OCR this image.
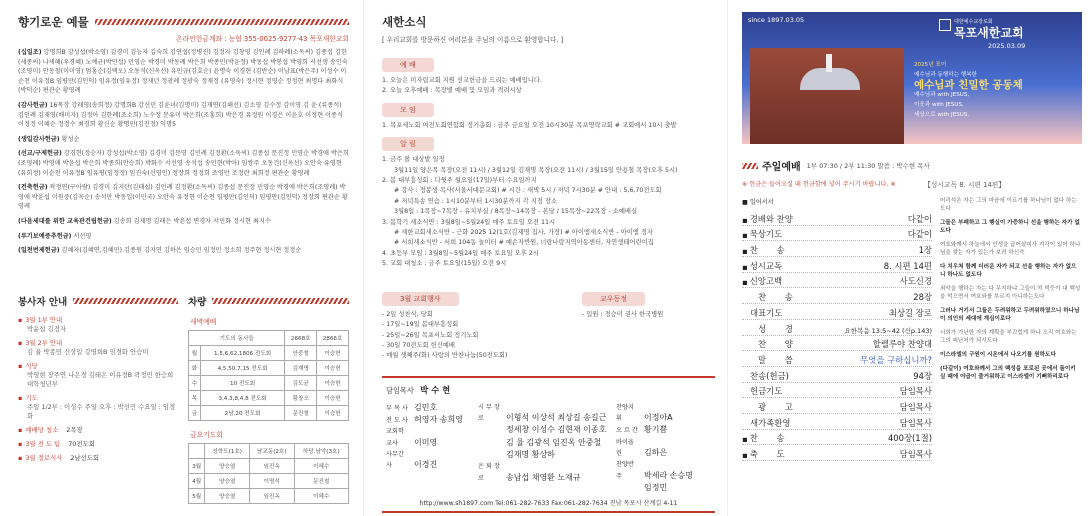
향기로운 예물
온라인헌금계좌 : 농협 355-0025-9277-43 목포새한교회
(십일조) 강명희B 강성섭(박소영) 김경미 김능자 김숙희 김연섭(정병진) 김정자 김창영 김인례 김하례(소독씨) 김종섭 김한(세종씨) 나세혜(우경혜) 노예균(박민섭) 민영순 박경미 박동례 박은희 박종민(박윤정) 박동섭 박봉섭 박영희 서선생 송인숙(조영미) 안동철(이미영) 엄홍순(김택오) 오동석(신옥선) 유민규(김효순) 윤명숙 이경현 (김반순) 이남표(박은주) 이성수 이순천 이유정B 임평만(김인덕) 임유정(임유정) 정재년 정광례 정광숙 정재정 (유영숙) 정시현 정영순 정정현 최명다 최화식(박덕순) 편관순 황영례
(감사헌금) 16목장 강래영(송희정) 강명희B 강신민 김윤녀(김명미) 김재연(김해선) 김소영 김수정 김이영 김 윤 (류종석) 김인례 김재영(배미자) 김정아 김한례(조소희) 노수정 문유미 박은희(조홍희) 박은경 유정원 이경은 이윤호 이정현 이종석 이정정 이혜순 정정수 최경희 황신순 황명민(김진정) 익명5
(생일감사헌금) 황성순
(선교/구제헌금) 강경현(정승자) 강성섭(박소영) 김경미 김문영 김민례 김정환(소독씨) 김종섭 문진정 민영순 박경애 박은희(조영례) 박영애 박윤섭 박은희 박종희(안승희) 박화수 서선영 송석섭 송민현(박아) 임쌍주 오동건(신옥선) 오안숙 유영현(유희정) 이순천 이유정B 임유평(임정정) 임진숙(신영민) 정장희 정정희 조영만 조정란 최희정 편관순 황영례
(건축헌금) 곽정연(구아람) 김경미 김지탄(김태섭) 김민례 김정환(소독씨) 김종섭 문진정 민영순 박경애 박은희(조영례) 박영애 박윤섭 이원중(김옥순) 송석만 박동일(이민국) 오안숙 유정현 이순천 임평만(김인덕) 임평만(김인덕) 정장희 편관순 황영례
(다음세대를 위한 교육관건립헌금) 김송희 김재명 김래은 박윤섭 변경자 서민화 정시현 최지수
(루기보예증추헌금) 서선영
(일천번제헌금) 김혜자(김혜연,김혜민) 김종원 김지연 김하은 임승민 임정민 정소희 정주현 정시현 정정순
봉사자 안내
▪ 3월 1부 안내
박윤섭 김정자
▪ 3월 2부 안내
김 율 박종민 신상일 강명희B 임경화 안승미
▪ 식당
박영현 장주연 나은경 김태은 이유정B 곽정민 한승희 대학청년부
▪ 기도
주일 1/2부 : 이성수 주일 오후 : 박선민 수요일 : 임경화
▪ 예배당 청소 2목장
▪ 3월 전 도 팀 70전도회
▪ 3월 경로식사 2남선도회
차량
새벽예배
기도의 동사들		2668호	2866호
월	1,5,6,62,1806 전도회	안중철	이승헌
화	4,5,50,7,15 전도회	김재명	이승헌
수	10 전도회	김도균	이승헌
목	3,4,3,8,4,8 전도회	황창오	이승헌
금	2남,20 전도회	문진철	이승헌
금요기도회
	성학도(1호)	남교동(2호)	하당.남악(3호)
3월	양승열	임진옥	이혜수
4월	양승열	이명석	문진철
5월	양승열	임진옥	이혜수
새한소식
[ 우리교회를 방문하신 여러분을 주님의 이름으로 환영합니다. ]
예 배
1. 오늘은 미자립교회 지원 선교헌금을 드리는 예배입니다.
2. 오늘 오후예배 : 목장별 예배 및 모임과 격려시상
모 임
1. 목포세노회 여전도회연합회 정기총회 : 금주 금요일 오전 10시30분 목포영락교회 # 교회에서 10시 출발
알 림
1. 금주 볼 대상발 일정
3월11일 양은목 목장(오전 11시) / 3월12일 김재명 목장(오전 11시) / 3월15일 안용철 목장(오후 5시)
2. 봄 대부흥성회 : 다윗주 월요일(17일)부터 수요일까지
# 강사 : 정봉생 목사(서울서대문교회) # 시간 : 새벽 5시 / 저녁 7시30분 # 안내 : 5,6,70전도회
# 저녁특송 연습 : 1시10분부터 1시30분까지 각 지정 장소
3월8일 : 1목장~7목장 - 유치부실 / 8목장~14목장 - 본당 / 15목장~22목장 - 소예배실
3. 봄학기 새소식반 : 3월8일~5월24일 매주 토요일 오전 11시
# 새한교회새소식반 - 근화 2025 12(1호(김재명 집사, 가정) # 아이엠새소식반 - 아이엠 정자
# 서희새소식반 - 서희 104동 놀이터 # 예손자반원, 너랑나랑지역아동센터, 자연생태어린이집
4. 초등부 모임 : 3월8일~5월24일 매주 토요일 오후 2시
5. 교회 대청소 : 금주 토요일(15일) 오전 9시
3월 교회행사
- 2일 성찬식, 당회
- 17일~19일 봄대부흥성회
- 25일~26일 목포서노회 정기노회
- 30일 70전도회 헌신예배
- 매월 셋째주(화) 사랑의 반찬나눔(50전도회)
교우동정
- 입원 : 정승미 권사 한국병원
담임목사 박 수 현
부 목 사 김민호
전 도 사 허영자 송희영
교회학교사 이미영
사무간사	이경진
시 무 장 로	이형석 이상석 최상길 송길근
정세창 이성수 김현재 이종호
김 율 김광석 임진옥 안중철
김재명 황상하
은 퇴 장 로	송남섭 채영환 노재규
찬양지휘	이정아A
오 르 간 황기쁨
바이올린	김하은
찬양반주	박세라 손승명
임정민
http://www.sh1897.com Tel:061-282-7633 Fax:061-282-7634 전남 목포시 산계길 4-11
since 1897.03.05	대한예수교장로회
목포새한교회
2025.03.09
2025년 표어
예수님과 동행하는 행복한
예수님과 친밀한 공동체
예수님과 with JESUS,
이웃과 with JESUS,
세상으로 with JESUS.
주일예배 1부 07:30 / 2부 11:30 말씀 : 박수현 목사
※ 헌금은 들어오실 때 헌금함에 넣어 주시기 바랍니다. ※	【성시교독 8. 시편 14편】
■ 일어서서
▪ 경배와 찬양	다같이
▪ 묵상기도	다같이
▪ 찬 송	1장
▪ 성시교독	8. 시편 14편
▪ 신앙고백	사도신경
찬 송	28장
대표기도	최상길 장로
성 경	요한복음 13:5~42 (신p.143)
찬 양	할렐루야 찬양대
말 씀	무엇을 구하십니까?
찬송(헌금)	94장
헌금기도	담임목사
광 고	담임목사
새가족환영	담임목사
▪ 찬 송	400장(1절)
▪ 축 도	담임목사

어리석은 자는 그의 마음에 이르기를 하나님이 없다 하는도다

그들은 부패하고 그 행실이 가증하니 선을 행하는 자가 없도다

여호와께서 하늘에서 인생을 굽어살피사 지각이 있어 하나님을 찾는 자가 있는가 보려 하신즉

다 치우쳐 함께 더러운 자가 되고 선을 행하는 자가 없으니 하나도 없도다

죄악을 행하는 자는 다 무지하냐 그들이 떡 먹듯이 내 백성을 먹으면서 여호와를 부르지 아니하는도다

그러나 거기서 그들은 두려워하고 두려워하였으니 하나님이 의인의 세대에 계심이로다

너희가 가난한 자의 계획을 부끄럽게 하나 오직 여호와는 그의 피난처가 되시도다

이스라엘의 구원이 시온에서 나오기를 원하도다

(다같이) 여호와께서 그의 백성을 포로된 곳에서 돌이키실 때에 야곱이 즐거워하고 이스라엘이 기뻐하리로다
